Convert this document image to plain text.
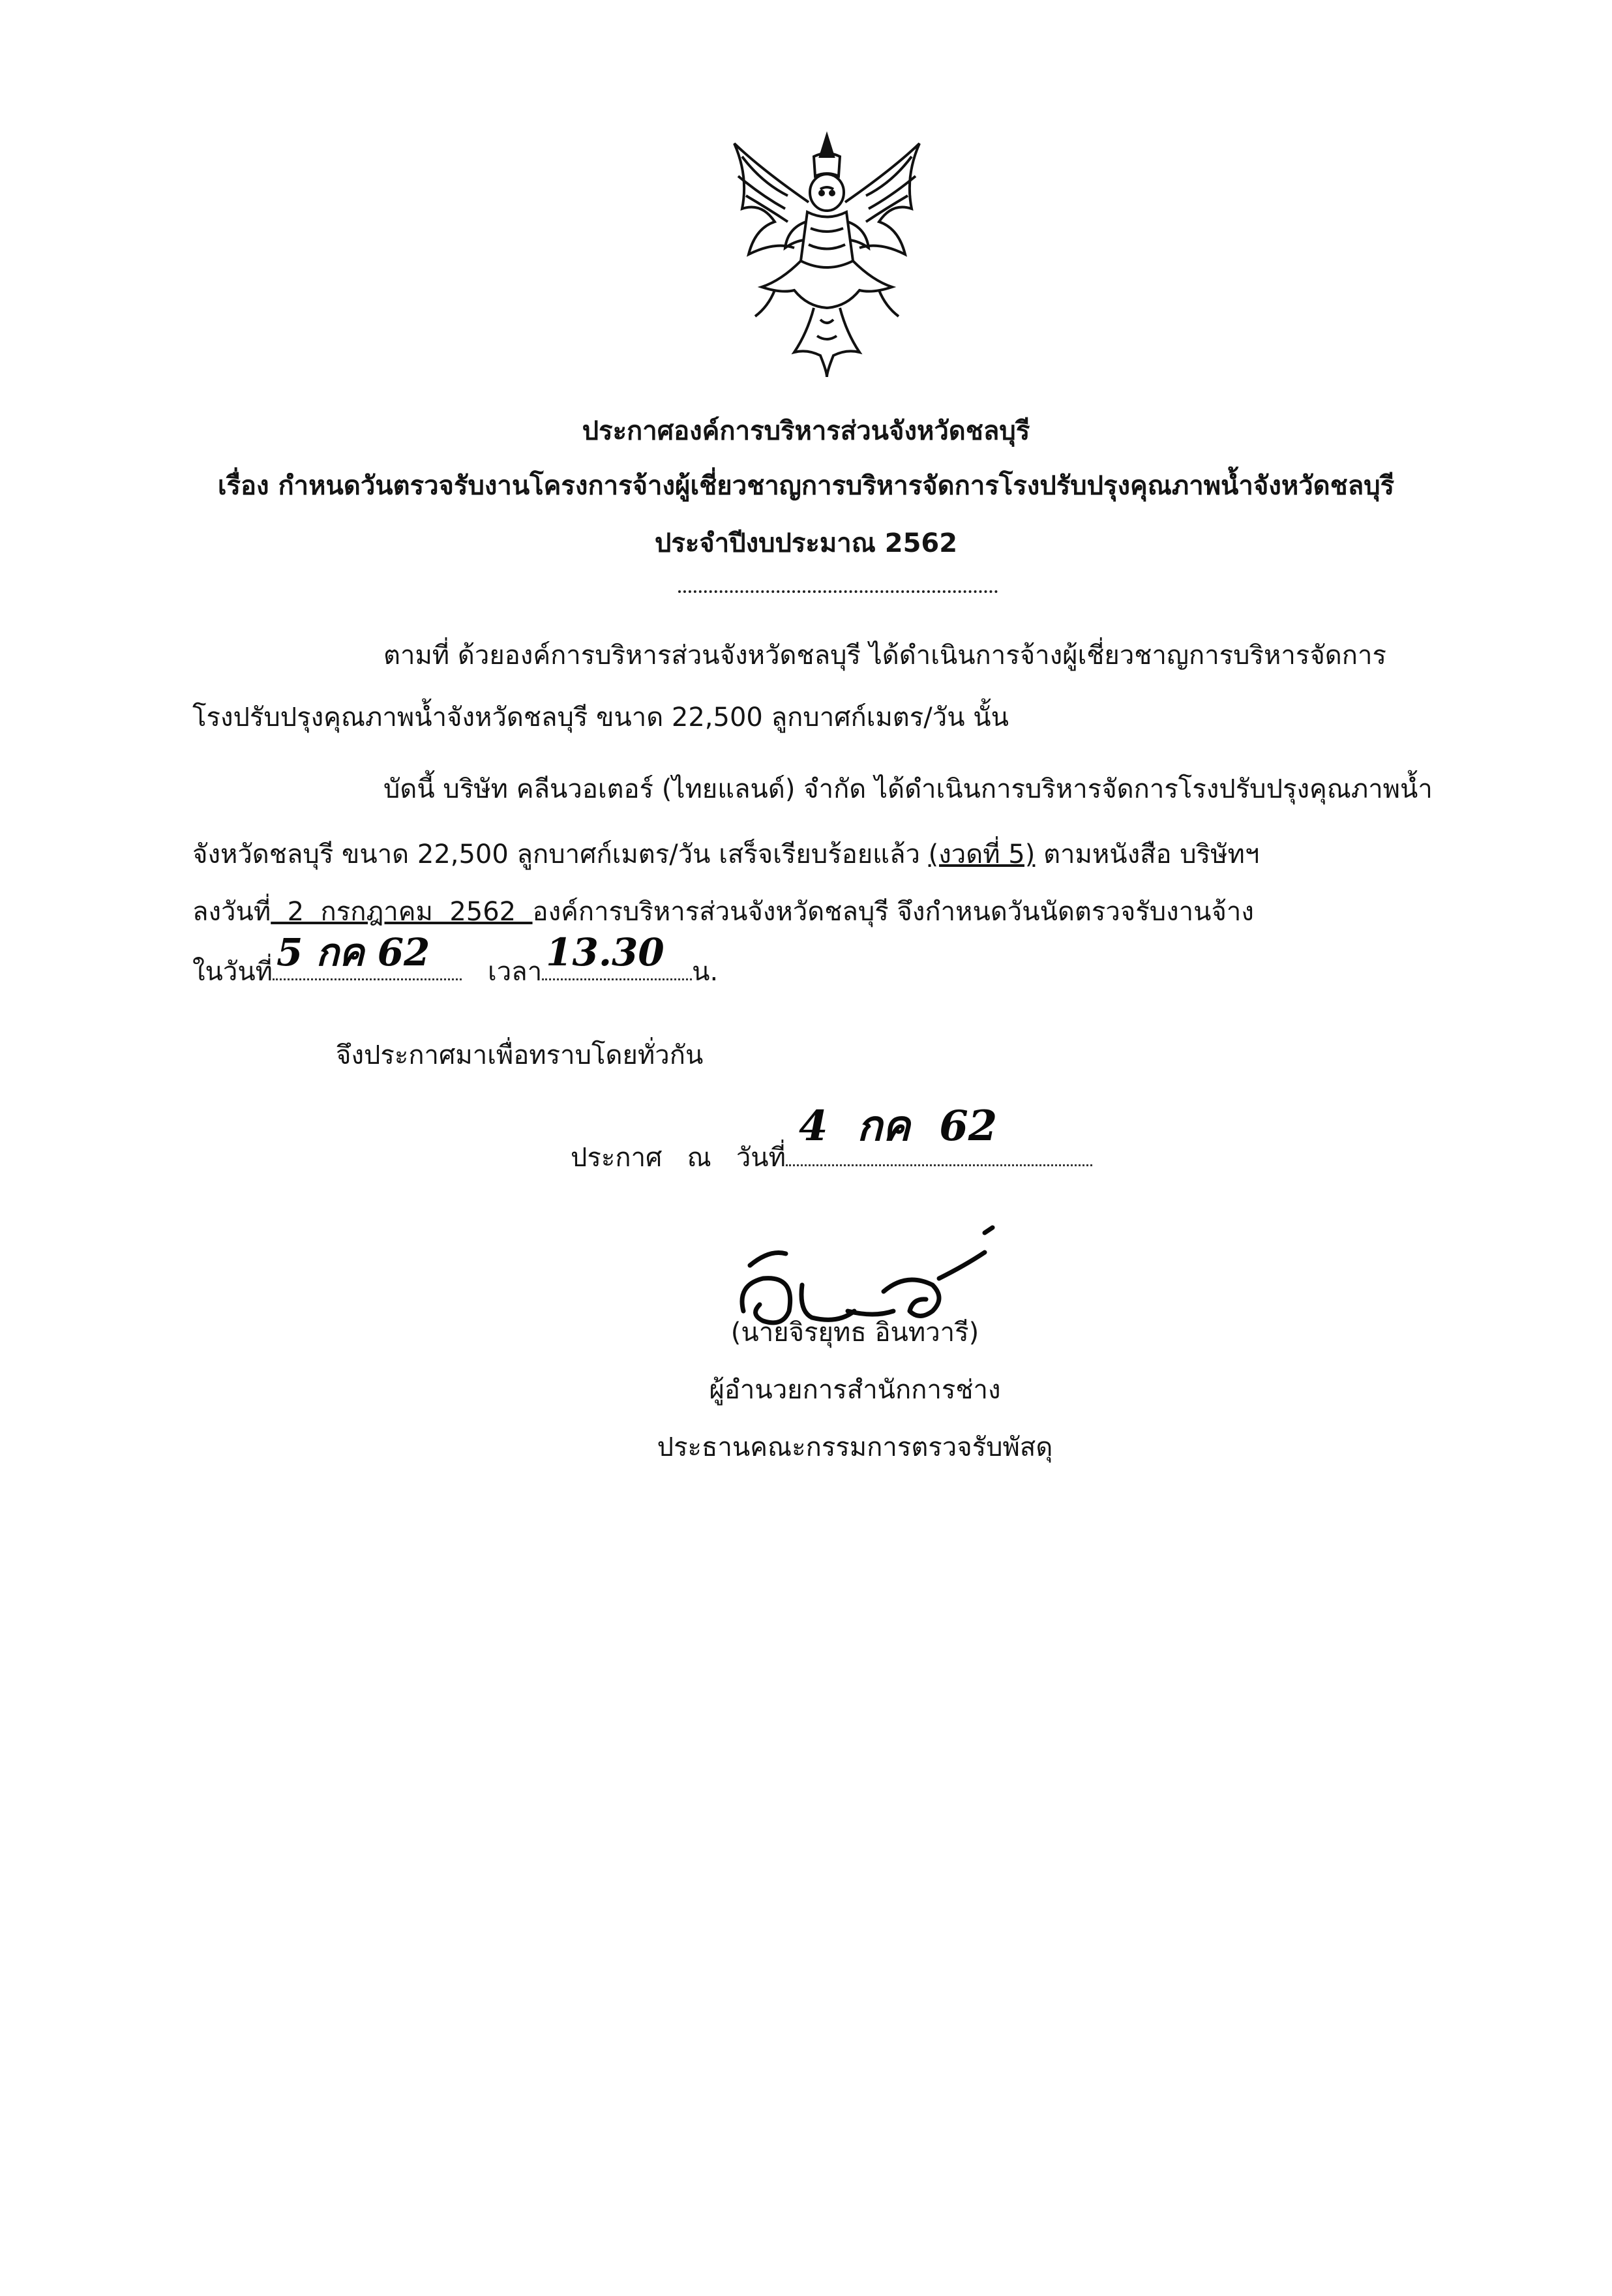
ประกาศองค์การบริหารส่วนจังหวัดชลบุรี
เรื่อง กำหนดวันตรวจรับงานโครงการจ้างผู้เชี่ยวชาญการบริหารจัดการโรงปรับปรุงคุณภาพน้ำจังหวัดชลบุรี
ประจำปีงบประมาณ 2562
ตามที่ ด้วยองค์การบริหารส่วนจังหวัดชลบุรี ได้ดำเนินการจ้างผู้เชี่ยวชาญการบริหารจัดการ
โรงปรับปรุงคุณภาพน้ำจังหวัดชลบุรี ขนาด 22,500 ลูกบาศก์เมตร/วัน นั้น
บัดนี้ บริษัท คลีนวอเตอร์ (ไทยแลนด์) จำกัด ได้ดำเนินการบริหารจัดการโรงปรับปรุงคุณภาพน้ำ
จังหวัดชลบุรี ขนาด 22,500 ลูกบาศก์เมตร/วัน เสร็จเรียบร้อยแล้ว (งวดที่ 5) ตามหนังสือ บริษัทฯ
ลงวันที่  2  กรกฎาคม  2562  องค์การบริหารส่วนจังหวัดชลบุรี จึงกำหนดวันนัดตรวจรับงานจ้าง
ในวันที่ 5 กค 62 เวลา 13.30 น.
จึงประกาศมาเพื่อทราบโดยทั่วกัน
ประกาศ   ณ   วันที่
4  กค  62
(นายจิรยุทธ อินทวารี)
ผู้อำนวยการสำนักการช่าง
ประธานคณะกรรมการตรวจรับพัสดุ
